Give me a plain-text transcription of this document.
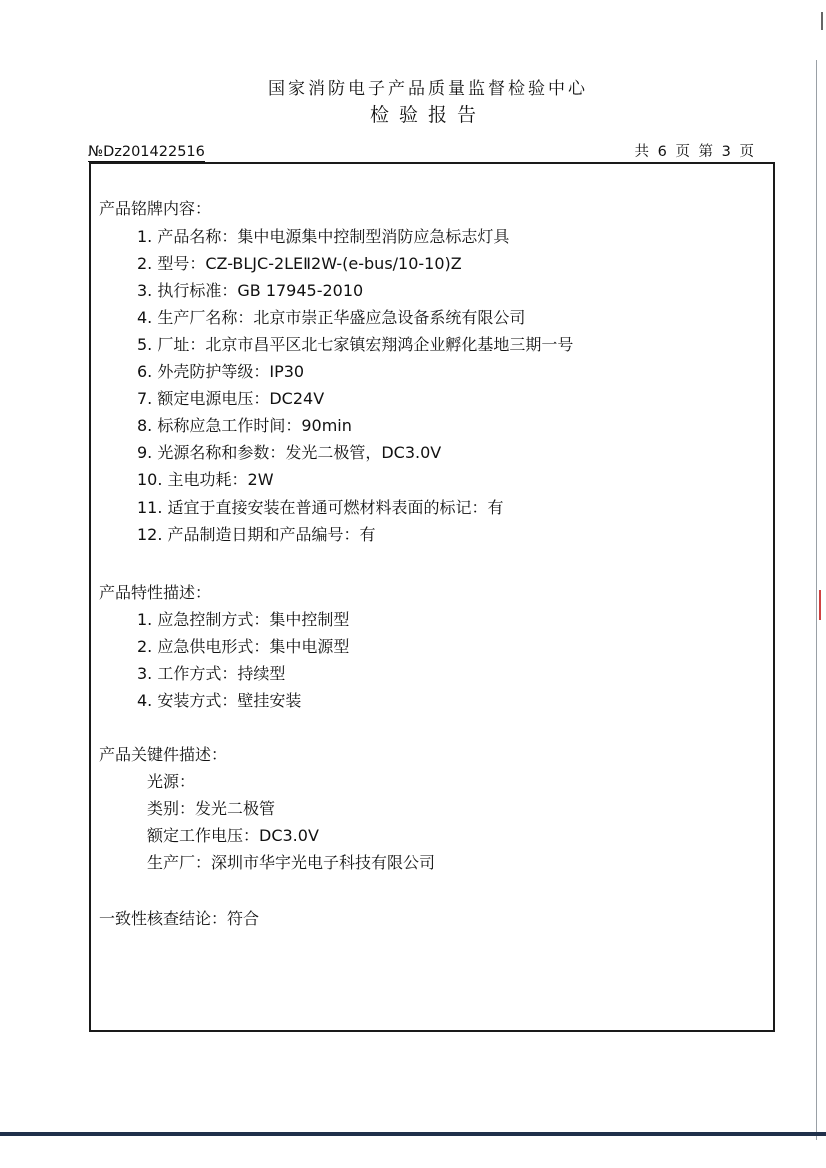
国家消防电子产品质量监督检验中心
检验报告
№Dz201422516	共 6 页 第 3 页
产品铭牌内容：
1. 产品名称：集中电源集中控制型消防应急标志灯具
2. 型号：CZ-BLJC-2LEⅡ2W-(e-bus/10-10)Z
3. 执行标准：GB 17945-2010
4. 生产厂名称：北京市崇正华盛应急设备系统有限公司
5. 厂址：北京市昌平区北七家镇宏翔鸿企业孵化基地三期一号
6. 外壳防护等级：IP30
7. 额定电源电压：DC24V
8. 标称应急工作时间：90min
9. 光源名称和参数：发光二极管，DC3.0V
10. 主电功耗：2W
11. 适宜于直接安装在普通可燃材料表面的标记：有
12. 产品制造日期和产品编号：有
产品特性描述：
1. 应急控制方式：集中控制型
2. 应急供电形式：集中电源型
3. 工作方式：持续型
4. 安装方式：壁挂安装
产品关键件描述：
光源：
类别：发光二极管
额定工作电压：DC3.0V
生产厂：深圳市华宇光电子科技有限公司
一致性核查结论：符合
